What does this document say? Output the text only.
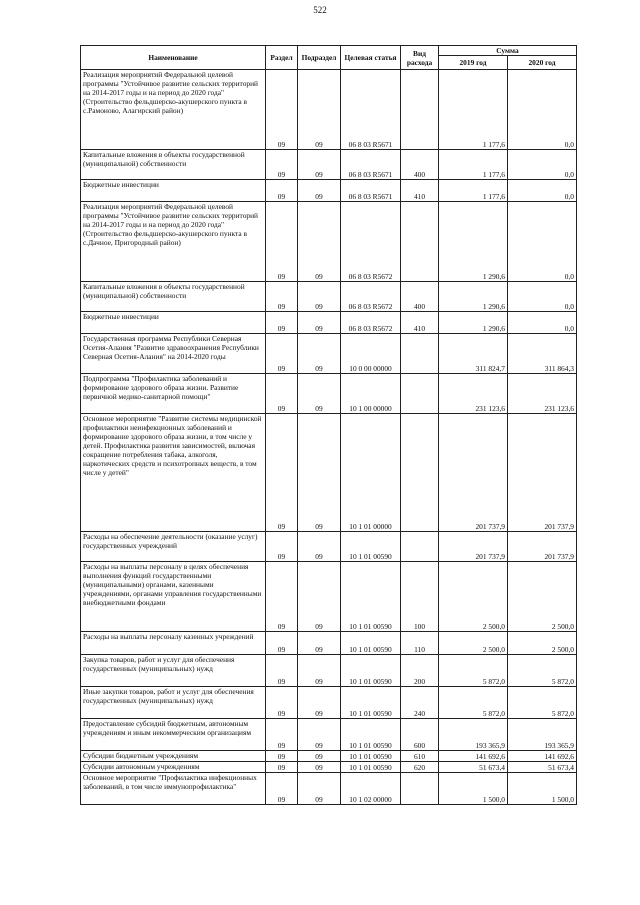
522
Наименование	Раздел	Подраздел	Целевая статья	Вид расхода	Сумма	
					2019 год	2020 год
Реализация мероприятий Федеральной целевой программы "Устойчивое развитие сельских территорий на 2014-2017 годы и на период до 2020 года" (Строительство фельдшерско-акушерского пункта в с.Рамоново, Алагирский район)	09	09	06 8 03 R5671		1 177,6	0,0
Капитальные вложения в объекты государственной (муниципальной) собственности	09	09	06 8 03 R5671	400	1 177,6	0,0
Бюджетные инвестиции	09	09	06 8 03 R5671	410	1 177,6	0,0
Реализация мероприятий Федеральной целевой программы "Устойчивое развитие сельских территорий на 2014-2017 годы и на период до 2020 года" (Строительство фельдшерско-акушерского пункта в с.Дачное, Пригородный район)	09	09	06 8 03 R5672		1 290,6	0,0
Капитальные вложения в объекты государственной (муниципальной) собственности	09	09	06 8 03 R5672	400	1 290,6	0,0
Бюджетные инвестиции	09	09	06 8 03 R5672	410	1 290,6	0,0
Государственная программа Республики Северная Осетия-Алания "Развитие здравоохранения Республики Северная Осетия-Алания" на 2014-2020 годы	09	09	10 0 00 00000		311 824,7	311 864,3
Подпрограмма "Профилактика заболеваний и формирование здорового образа жизни. Развитие первичной медико-санитарной помощи"	09	09	10 1 00 00000		231 123,6	231 123,6
Основное мероприятие "Развитие системы медицинской профилактики неинфекционных заболеваний и формирование здорового образа жизни, в том числе у детей. Профилактика развития зависимостей, включая сокращение потребления табака, алкоголя, наркотических средств и психотропных веществ, в том числе у детей"	09	09	10 1 01 00000		201 737,9	201 737,9
Расходы на обеспечение деятельности (оказание услуг) государственных учреждений	09	09	10 1 01 00590		201 737,9	201 737,9
Расходы на выплаты персоналу в целях обеспечения выполнения функций государственными (муниципальными) органами, казенными учреждениями, органами управления государственными внебюджетными фондами	09	09	10 1 01 00590	100	2 500,0	2 500,0
Расходы на выплаты персоналу казенных учреждений	09	09	10 1 01 00590	110	2 500,0	2 500,0
Закупка товаров, работ и услуг для обеспечения государственных (муниципальных) нужд	09	09	10 1 01 00590	200	5 872,0	5 872,0
Иные закупки товаров, работ и услуг для обеспечения государственных (муниципальных) нужд	09	09	10 1 01 00590	240	5 872,0	5 872,0
Предоставление субсидий бюджетным, автономным учреждениям и иным некоммерческим организациям	09	09	10 1 01 00590	600	193 365,9	193 365,9
Субсидии бюджетным учреждениям	09	09	10 1 01 00590	610	141 692,6	141 692,6
Субсидии автономным учреждениям	09	09	10 1 01 00590	620	51 673,4	51 673,4
Основное мероприятие "Профилактика инфекционных заболеваний, в том числе иммунопрофилактика"	09	09	10 1 02 00000		1 500,0	1 500,0
